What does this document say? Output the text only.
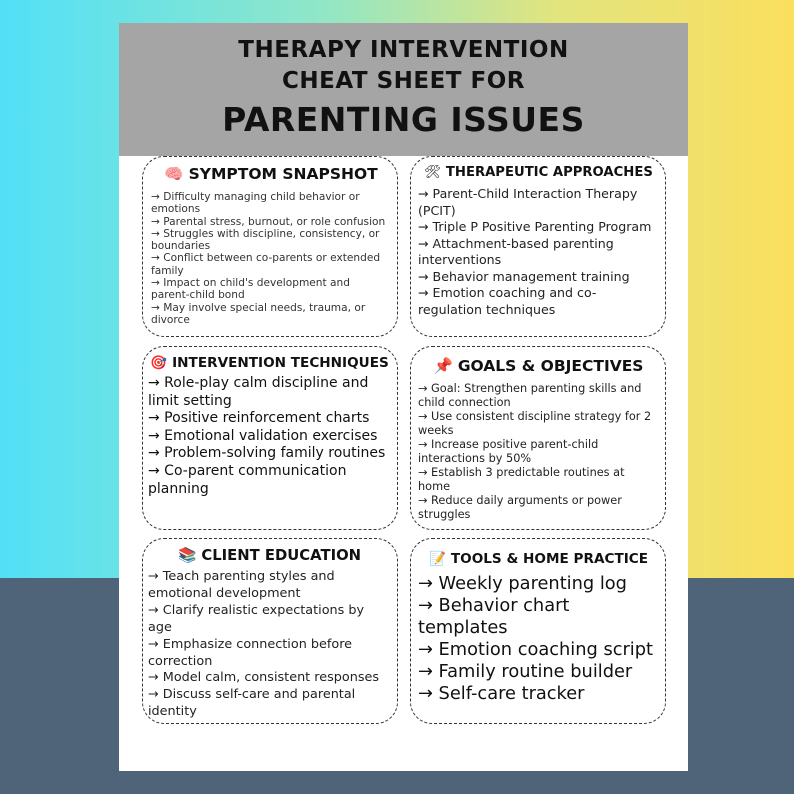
THERAPY INTERVENTION
CHEAT SHEET FOR
PARENTING ISSUES
🧠 SYMPTOM SNAPSHOT
→ Difficulty managing child behavior or emotions
→ Parental stress, burnout, or role confusion
→ Struggles with discipline, consistency, or boundaries
→ Conflict between co-parents or extended family
→ Impact on child's development and parent-child bond
→ May involve special needs, trauma, or divorce
🛠 THERAPEUTIC APPROACHES
→ Parent-Child Interaction Therapy (PCIT)
→ Triple P Positive Parenting Program
→ Attachment-based parenting interventions
→ Behavior management training
→ Emotion coaching and co-regulation techniques
🎯 INTERVENTION TECHNIQUES
→ Role-play calm discipline and limit setting
→ Positive reinforcement charts
→ Emotional validation exercises
→ Problem-solving family routines
→ Co-parent communication planning
📌 GOALS & OBJECTIVES
→ Goal: Strengthen parenting skills and child connection
→ Use consistent discipline strategy for 2 weeks
→ Increase positive parent-child interactions by 50%
→ Establish 3 predictable routines at home
→ Reduce daily arguments or power struggles
📚 CLIENT EDUCATION
→ Teach parenting styles and emotional development
→ Clarify realistic expectations by age
→ Emphasize connection before correction
→ Model calm, consistent responses
→ Discuss self-care and parental identity
📝 TOOLS & HOME PRACTICE
→ Weekly parenting log
→ Behavior chart templates
→ Emotion coaching script
→ Family routine builder
→ Self-care tracker
